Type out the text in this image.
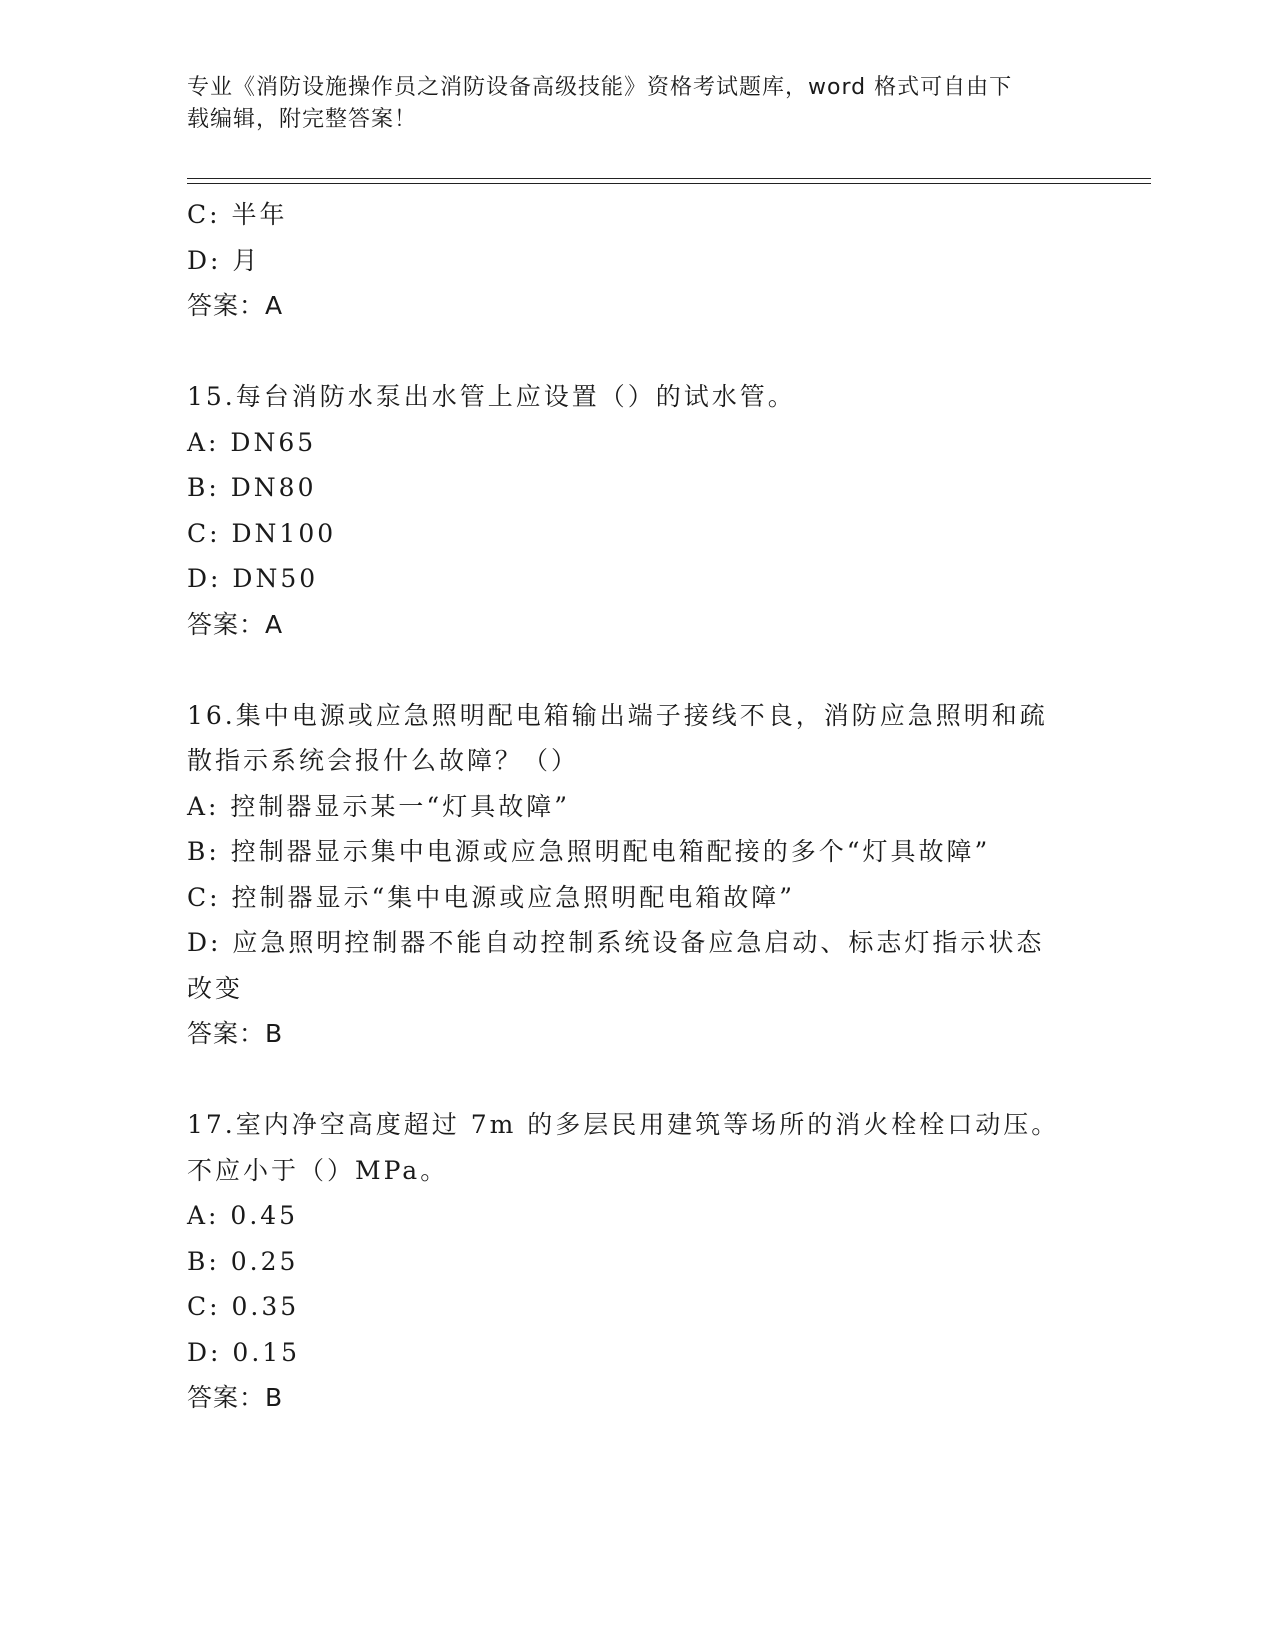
专业《消防设施操作员之消防设备高级技能》资格考试题库，word 格式可自由下
载编辑，附完整答案！
C: 半年
D: 月
答案：A
15.每台消防水泵出水管上应设置（）的试水管。
A: DN65
B: DN80
C: DN100
D: DN50
答案：A
16.集中电源或应急照明配电箱输出端子接线不良，消防应急照明和疏
散指示系统会报什么故障？（）
A: 控制器显示某一“灯具故障”
B: 控制器显示集中电源或应急照明配电箱配接的多个“灯具故障”
C: 控制器显示“集中电源或应急照明配电箱故障”
D: 应急照明控制器不能自动控制系统设备应急启动、标志灯指示状态
改变
答案：B
17.室内净空高度超过 7m 的多层民用建筑等场所的消火栓栓口动压。
不应小于（）MPa。
A: 0.45
B: 0.25
C: 0.35
D: 0.15
答案：B
